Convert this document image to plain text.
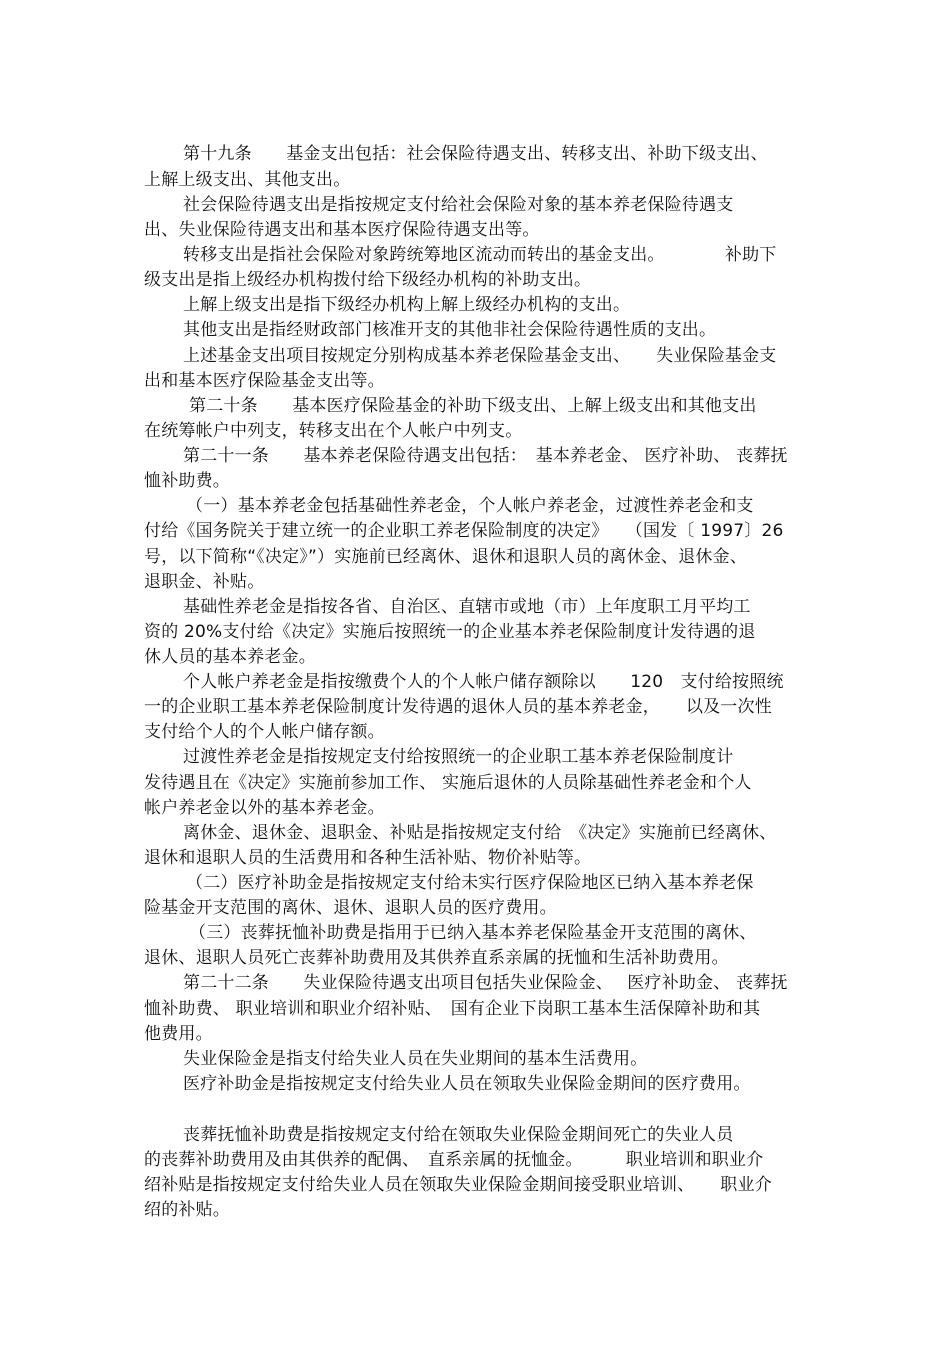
第十九条　　基金支出包括：社会保险待遇支出、转移支出、补助下级支出、
上解上级支出、其他支出。
社会保险待遇支出是指按规定支付给社会保险对象的基本养老保险待遇支
出、失业保险待遇支出和基本医疗保险待遇支出等。
转移支出是指社会保险对象跨统筹地区流动而转出的基金支出。　　　　补助下
级支出是指上级经办机构拨付给下级经办机构的补助支出。
上解上级支出是指下级经办机构上解上级经办机构的支出。
其他支出是指经财政部门核准开支的其他非社会保险待遇性质的支出。
上述基金支出项目按规定分别构成基本养老保险基金支出、　　失业保险基金支
出和基本医疗保险基金支出等。
第二十条　　基本医疗保险基金的补助下级支出、上解上级支出和其他支出
在统筹帐户中列支，转移支出在个人帐户中列支。
第二十一条　　基本养老保险待遇支出包括：　基本养老金、 医疗补助、 丧葬抚
恤补助费。
（一）基本养老金包括基础性养老金，个人帐户养老金，过渡性养老金和支
付给《国务院关于建立统一的企业职工养老保险制度的决定》　　（国发〔 1997〕26
号，以下简称“《决定》”）实施前已经离休、退休和退职人员的离休金、退休金、
退职金、补贴。
基础性养老金是指按各省、自治区、直辖市或地（市）上年度职工月平均工
资的 20%支付给《决定》实施后按照统一的企业基本养老保险制度计发待遇的退
休人员的基本养老金。
个人帐户养老金是指按缴费个人的个人帐户储存额除以　　120　支付给按照统
一的企业职工基本养老保险制度计发待遇的退休人员的基本养老金，　　以及一次性
支付给个人的个人帐户储存额。
过渡性养老金是指按规定支付给按照统一的企业职工基本养老保险制度计
发待遇且在《决定》实施前参加工作、 实施后退休的人员除基础性养老金和个人
帐户养老金以外的基本养老金。
离休金、退休金、退职金、补贴是指按规定支付给　《决定》实施前已经离休、
退休和退职人员的生活费用和各种生活补贴、物价补贴等。
（二）医疗补助金是指按规定支付给未实行医疗保险地区已纳入基本养老保
险基金开支范围的离休、退休、退职人员的医疗费用。
（三）丧葬抚恤补助费是指用于已纳入基本养老保险基金开支范围的离休、
退休、退职人员死亡丧葬补助费用及其供养直系亲属的抚恤和生活补助费用。
第二十二条　　失业保险待遇支出项目包括失业保险金、　 医疗补助金、 丧葬抚
恤补助费、 职业培训和职业介绍补贴、　国有企业下岗职工基本生活保障补助和其
他费用。
失业保险金是指支付给失业人员在失业期间的基本生活费用。
医疗补助金是指按规定支付给失业人员在领取失业保险金期间的医疗费用。
丧葬抚恤补助费是指按规定支付给在领取失业保险金期间死亡的失业人员
的丧葬补助费用及由其供养的配偶、　直系亲属的抚恤金。　　　职业培训和职业介
绍补贴是指按规定支付给失业人员在领取失业保险金期间接受职业培训、　　职业介
绍的补贴。
